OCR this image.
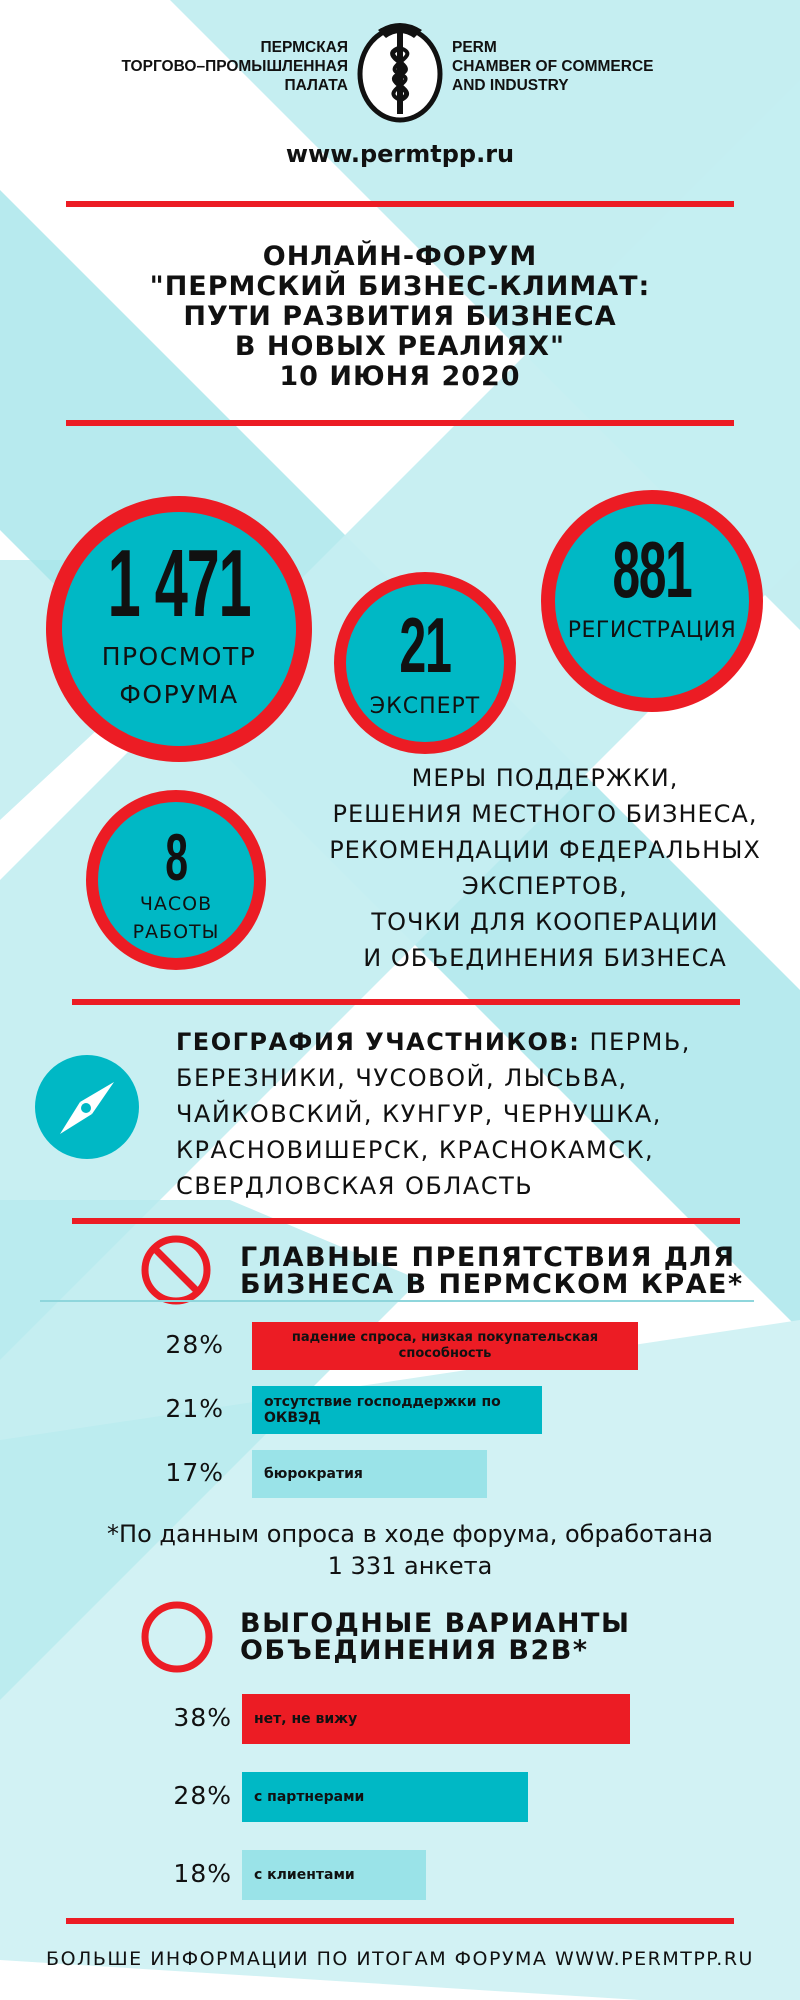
ПЕРМСКАЯ
ТОРГОВО–ПРОМЫШЛЕННАЯ
ПАЛАТА
PERM
CHAMBER OF COMMERCE
AND INDUSTRY
www.permtpp.ru
ОНЛАЙН-ФОРУМ
"ПЕРМСКИЙ БИЗНЕС-КЛИМАТ:
ПУТИ РАЗВИТИЯ БИЗНЕСА
В НОВЫХ РЕАЛИЯХ"
10 ИЮНЯ 2020
1 471
ПРОСМОТР
ФОРУМА
21
ЭКСПЕРТ
881
РЕГИСТРАЦИЯ
8
ЧАСОВ
РАБОТЫ
МЕРЫ ПОДДЕРЖКИ,
РЕШЕНИЯ МЕСТНОГО БИЗНЕСА,
РЕКОМЕНДАЦИИ ФЕДЕРАЛЬНЫХ
ЭКСПЕРТОВ,
ТОЧКИ ДЛЯ КООПЕРАЦИИ
И ОБЪЕДИНЕНИЯ БИЗНЕСА
ГЕОГРАФИЯ УЧАСТНИКОВ: ПЕРМЬ,
БЕРЕЗНИКИ, ЧУСОВОЙ, ЛЫСЬВА,
ЧАЙКОВСКИЙ, КУНГУР, ЧЕРНУШКА,
КРАСНОВИШЕРСК, КРАСНОКАМСК,
СВЕРДЛОВСКАЯ ОБЛАСТЬ
ГЛАВНЫЕ ПРЕПЯТСТВИЯ ДЛЯ
БИЗНЕСА В ПЕРМСКОМ КРАЕ*
28%	падение спроса, низкая покупательская
способность
21%	отсутствие господдержки по ОКВЭД
17%	бюрократия
*По данным опроса в ходе форума, обработана
1 331 анкета
ВЫГОДНЫЕ ВАРИАНТЫ
ОБЪЕДИНЕНИЯ B2B*
38% нет, не вижу
28% с партнерами
18% с клиентами
БОЛЬШЕ ИНФОРМАЦИИ ПО ИТОГАМ ФОРУМА WWW.PERMTPP.RU
